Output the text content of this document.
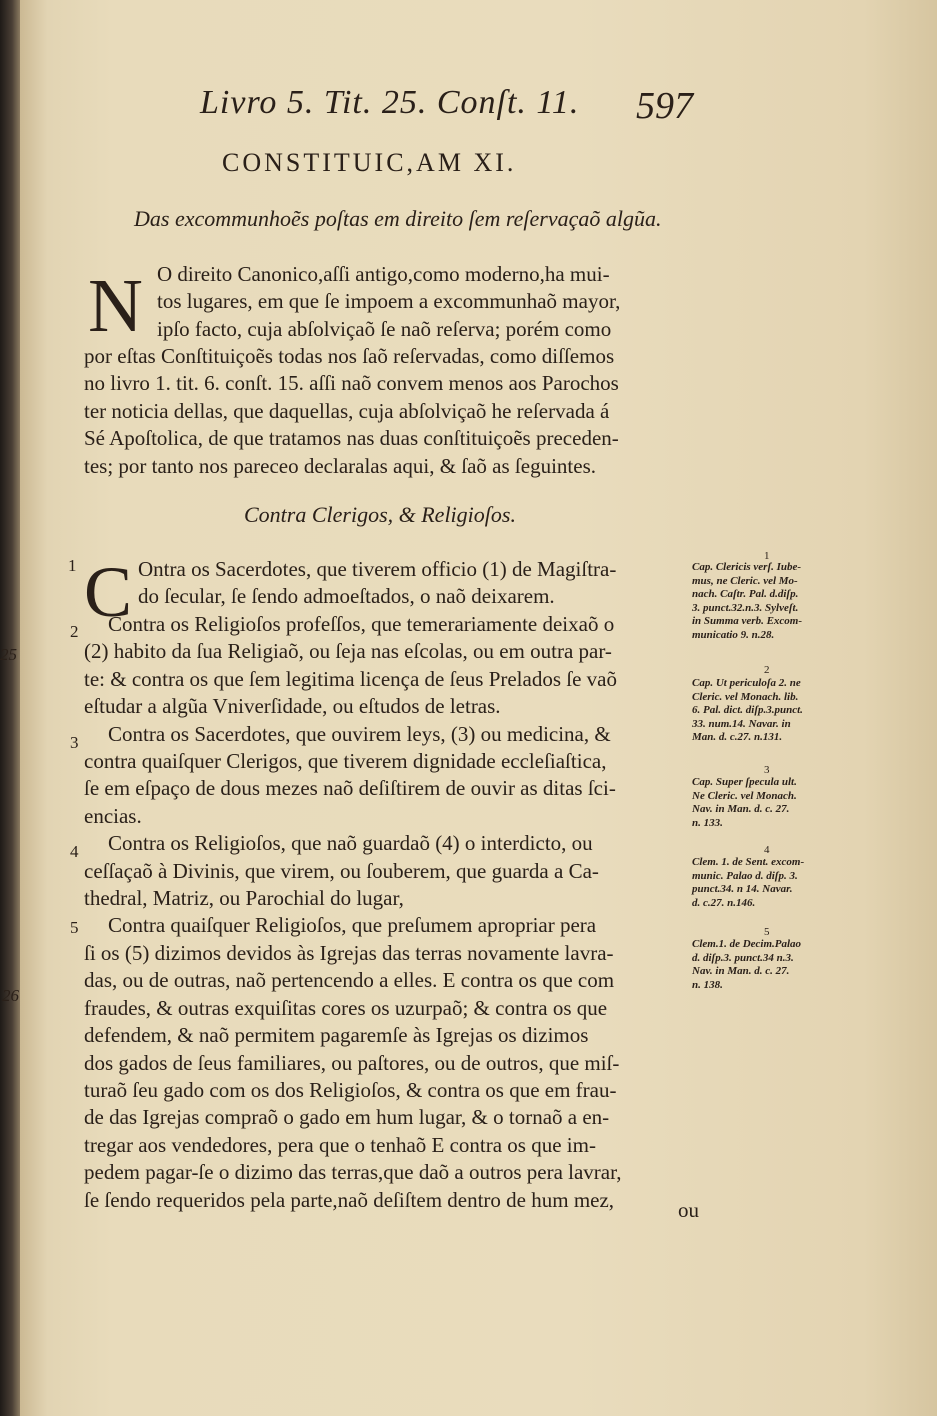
25
26
Livro 5. Tit. 25. Conſt. 11. 597
CONSTITUIC,AM XI.
Das excommunhoẽs poſtas em direito ſem reſervaçaõ algũa.
N O direito Canonico,aſſi antigo,como moderno,ha mui-
tos lugares, em que ſe impoem a excommunhaõ mayor,
ipſo facto, cuja abſolviçaõ ſe naõ reſerva; porém como
por eſtas Conſtituiçoẽs todas nos ſaõ reſervadas, como diſſemos
no livro 1. tit. 6. conſt. 15. aſſi naõ convem menos aos Parochos
ter noticia dellas, que daquellas, cuja abſolviçaõ he reſervada á
Sé Apoſtolica, de que tratamos nas duas conſtituiçoẽs preceden-
tes; por tanto nos pareceo declaralas aqui, & ſaõ as ſeguintes.
Contra Clerigos, & Religioſos.
C Ontra os Sacerdotes, que tiverem officio (1) de Magiſtra-
do ſecular, ſe ſendo admoeſtados, o naõ deixarem.
Contra os Religioſos profeſſos, que temerariamente deixaõ o
(2) habito da ſua Religiaõ, ou ſeja nas eſcolas, ou em outra par-
te: & contra os que ſem legitima licença de ſeus Prelados ſe vaõ
eſtudar a algũa Vniverſidade, ou eſtudos de letras.
Contra os Sacerdotes, que ouvirem leys, (3) ou medicina, &
contra quaiſquer Clerigos, que tiverem dignidade eccleſiaſtica,
ſe em eſpaço de dous mezes naõ deſiſtirem de ouvir as ditas ſci-
encias.
Contra os Religioſos, que naõ guardaõ (4) o interdicto, ou
ceſſaçaõ à Divinis, que virem, ou ſouberem, que guarda a Ca-
thedral, Matriz, ou Parochial do lugar,
Contra quaiſquer Religioſos, que preſumem apropriar pera
ſi os (5) dizimos devidos às Igrejas das terras novamente lavra-
das, ou de outras, naõ pertencendo a elles. E contra os que com
fraudes, & outras exquiſitas cores os uzurpaõ; & contra os que
defendem, & naõ permitem pagaremſe às Igrejas os dizimos
dos gados de ſeus familiares, ou paſtores, ou de outros, que miſ-
turaõ ſeu gado com os dos Religioſos, & contra os que em frau-
de das Igrejas compraõ o gado em hum lugar, & o tornaõ a en-
tregar aos vendedores, pera que o tenhaõ E contra os que im-
pedem pagar-ſe o dizimo das terras,que daõ a outros pera lavrar,
ſe ſendo requeridos pela parte,naõ deſiſtem dentro de hum mez,	ou
1
2
3
4
5
1
Cap. Clericis verſ. Iube-
mus, ne Cleric. vel Mo-
nach. Caſtr. Pal. d.diſp.
3. punct.32.n.3. Sylveſt.
in Summa verb. Excom-
municatio 9. n.28.
2
Cap. Ut periculoſa 2. ne
Cleric. vel Monach. lib.
6. Pal. dict. diſp.3.punct.
33. num.14. Navar. in
Man. d. c.27. n.131.
3
Cap. Super ſpecula ult.
Ne Cleric. vel Monach.
Nav. in Man. d. c. 27.
n. 133.
4
Clem. 1. de Sent. excom-
munic. Palao d. diſp. 3.
punct.34. n 14. Navar.
d. c.27. n.146.
5
Clem.1. de Decim.Palao
d. diſp.3. punct.34 n.3.
Nav. in Man. d. c. 27.
n. 138.
